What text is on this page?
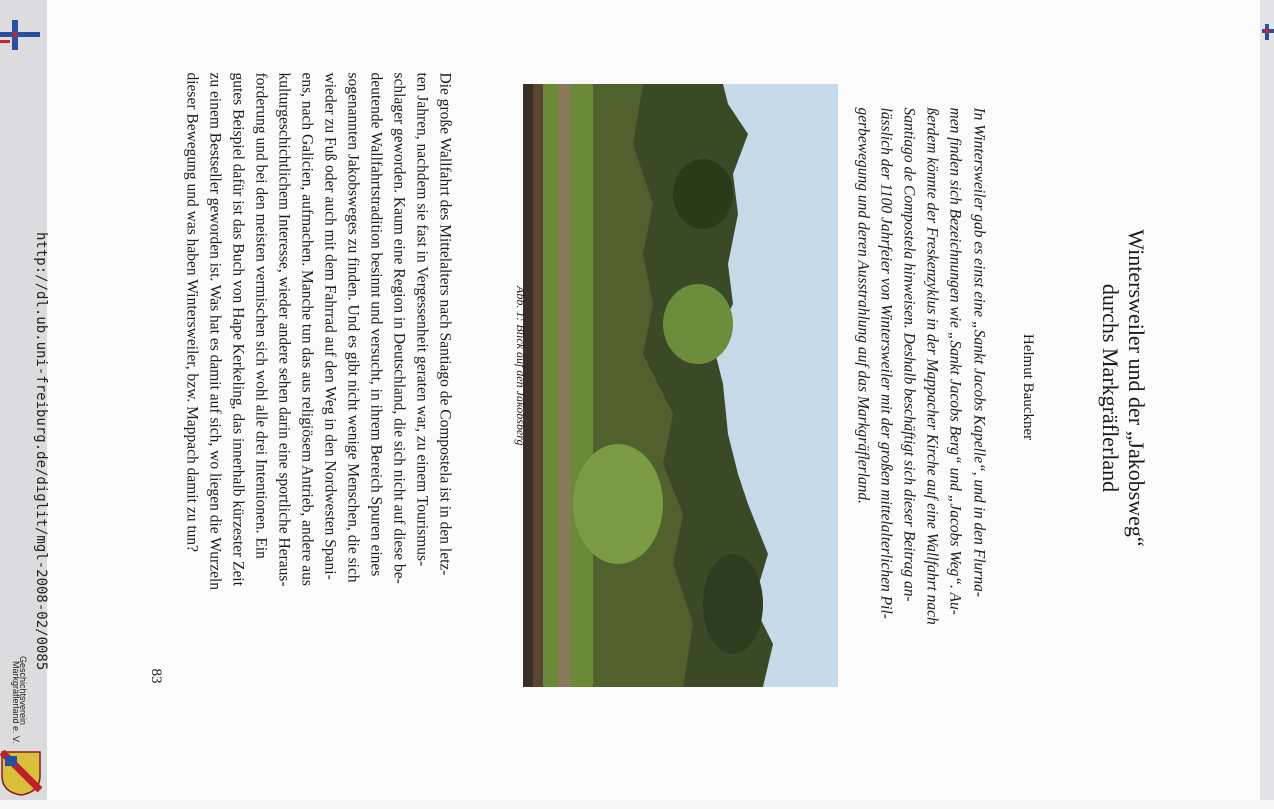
Wintersweiler und der „Jakobsweg“
durchs Markgräflerland
Helmut Bauckner
In Wintersweiler gab es einst eine „Sankt Jacobs Kapelle“, und in den Flurna-
men finden sich Bezeichnungen wie „Sankt Jacobs Berg“ und „Jacobs Weg“. Au-
ßerdem könnte der Freskenzyklus in der Mappacher Kirche auf eine Wallfahrt nach
Santiago de Compostela hinweisen. Deshalb beschäftigt sich dieser Beitrag an-
lässlich der 1100 Jahrfeier von Wintersweiler mit der großen mittelalterlichen Pil-
gerbewegung und deren Ausstrahlung auf das Markgräflerland.
Abb. 1: Blick auf den Jakobsberg
Die große Wallfahrt des Mittelalters nach Santiago de Compostela ist in den letz-
ten Jahren, nachdem sie fast in Vergessenheit geraten war, zu einem Tourismus-
schlager geworden. Kaum eine Region in Deutschland, die sich nicht auf diese be-
deutende Wallfahrtstradition besinnt und versucht, in ihrem Bereich Spuren eines
sogenannten Jakobsweges zu finden. Und es gibt nicht wenige Menschen, die sich
wieder zu Fuß oder auch mit dem Fahrrad auf den Weg in den Nordwesten Spani-
ens, nach Galicien, aufmachen. Manche tun das aus religiösem Antrieb, andere aus
kulturgeschichtlichem Interesse, wieder andere sehen darin eine sportliche Heraus-
forderung und bei den meisten vermischen sich wohl alle drei Intentionen. Ein
gutes Beispiel dafür ist das Buch von Hape Kerkeling, das innerhalb kürzester Zeit
zu einem Bestseller geworden ist. Was hat es damit auf sich, wo liegen die Wurzeln
dieser Bewegung und was haben Wintersweiler, bzw. Mappach damit zu tun?
83
http://dl.ub.uni-freiburg.de/diglit/mgl-2008-02/0085
Geschichtsverein
Markgräflerland e. V.
